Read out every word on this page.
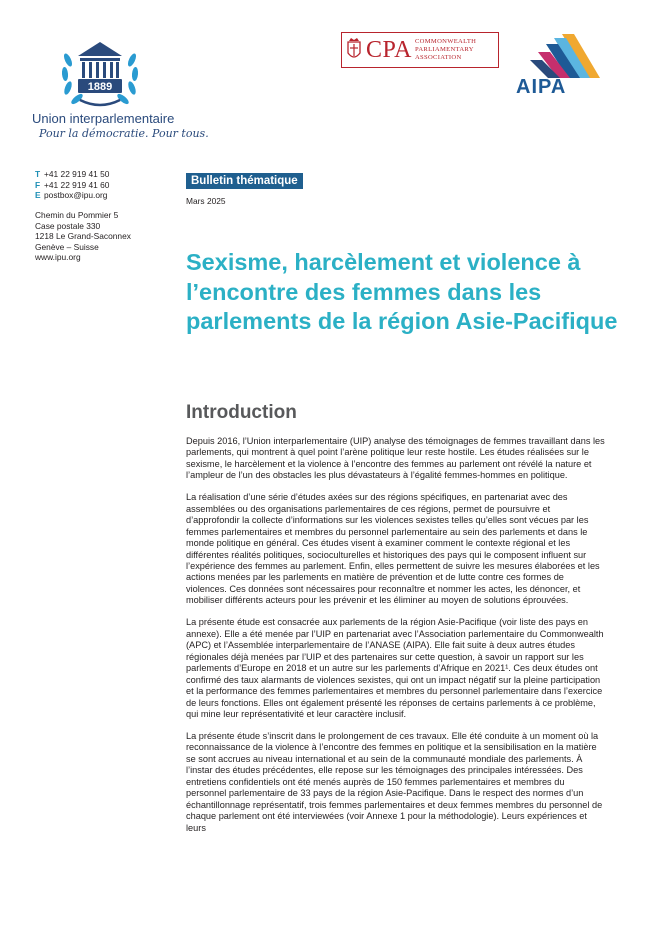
1889
Union interparlementaire
Pour la démocratie. Pour tous.
CPA COMMONWEALTH
PARLIAMENTARY
ASSOCIATION
AIPA
T +41 22 919 41 50
F +41 22 919 41 60
E postbox@ipu.org
Chemin du Pommier 5
Case postale 330
1218 Le Grand-Saconnex
Genève – Suisse
www.ipu.org
Bulletin thématique
Mars 2025
Sexisme, harcèlement et violence à l’encontre des femmes dans les parlements de la région Asie-Pacifique
Introduction

Depuis 2016, l’Union interparlementaire (UIP) analyse des témoignages de femmes travaillant dans les parlements, qui montrent à quel point l’arène politique leur reste hostile. Les études réalisées sur le sexisme, le harcèlement et la violence à l’encontre des femmes au parlement ont révélé la nature et l’ampleur de l’un des obstacles les plus dévastateurs à l’égalité femmes-hommes en politique.

La réalisation d’une série d’études axées sur des régions spécifiques, en partenariat avec des assemblées ou des organisations parlementaires de ces régions, permet de poursuivre et d’approfondir la collecte d’informations sur les violences sexistes telles qu’elles sont vécues par les femmes parlementaires et membres du personnel parlementaire au sein des parlements et dans le monde politique en général. Ces études visent à examiner comment le contexte régional et les différentes réalités politiques, socioculturelles et historiques des pays qui le composent influent sur l’expérience des femmes au parlement. Enfin, elles permettent de suivre les mesures élaborées et les actions menées par les parlements en matière de prévention et de lutte contre ces formes de violences. Ces données sont nécessaires pour reconnaître et nommer les actes, les dénoncer, et mobiliser différents acteurs pour les prévenir et les éliminer au moyen de solutions éprouvées.

La présente étude est consacrée aux parlements de la région Asie-Pacifique (voir liste des pays en annexe). Elle a été menée par l’UIP en partenariat avec l’Association parlementaire du Commonwealth (APC) et l’Assemblée interparlementaire de l’ANASE (AIPA). Elle fait suite à deux autres études régionales déjà menées par l’UIP et des partenaires sur cette question, à savoir un rapport sur les parlements d’Europe en 2018 et un autre sur les parlements d’Afrique en 2021¹. Ces deux études ont confirmé des taux alarmants de violences sexistes, qui ont un impact négatif sur la pleine participation et la performance des femmes parlementaires et membres du personnel parlementaire dans l’exercice de leurs fonctions. Elles ont également présenté les réponses de certains parlements à ce problème, qui mine leur représentativité et leur caractère inclusif.

La présente étude s’inscrit dans le prolongement de ces travaux. Elle été conduite à un moment où la reconnaissance de la violence à l’encontre des femmes en politique et la sensibilisation en la matière se sont accrues au niveau international et au sein de la communauté mondiale des parlements. À l’instar des études précédentes, elle repose sur les témoignages des principales intéressées. Des entretiens confidentiels ont été menés auprès de 150 femmes parlementaires et membres du personnel parlementaire de 33 pays de la région Asie-Pacifique. Dans le respect des normes d’un échantillonnage représentatif, trois femmes parlementaires et deux femmes membres du personnel de chaque parlement ont été interviewées (voir Annexe 1 pour la méthodologie). Leurs expériences et leurs
